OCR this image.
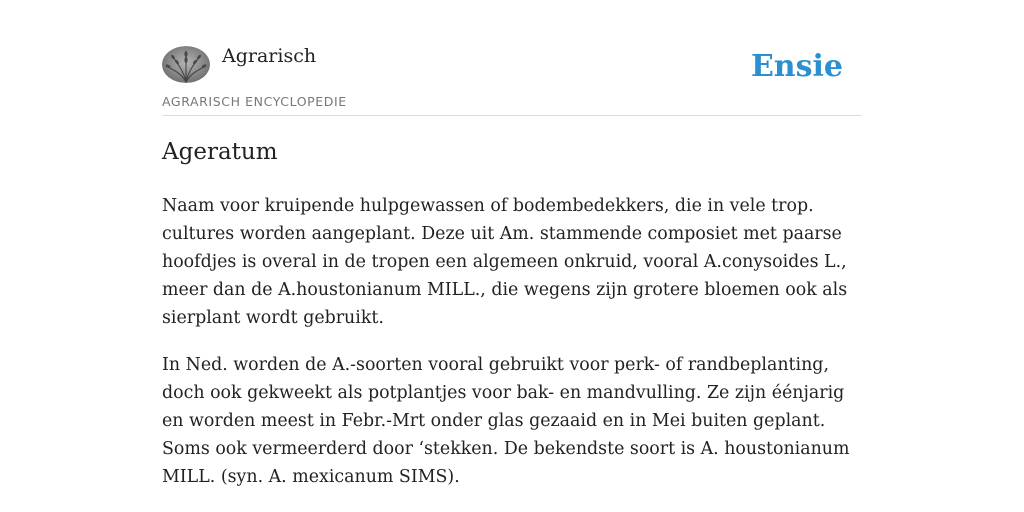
Agrarisch
AGRARISCH ENCYCLOPEDIE
Ensie
Ageratum

Naam voor kruipende hulpgewassen of bodembedekkers, die in vele trop. cultures worden aangeplant. Deze uit Am. stammende composiet met paarse hoofdjes is overal in de tropen een algemeen onkruid, vooral A.conysoides L., meer dan de A.houstonianum MILL., die wegens zijn grotere bloemen ook als sierplant wordt gebruikt.

In Ned. worden de A.-soorten vooral gebruikt voor perk- of randbeplanting, doch ook gekweekt als potplantjes voor bak- en mandvulling. Ze zijn éénjarig en worden meest in Febr.-Mrt onder glas gezaaid en in Mei buiten geplant. Soms ook vermeerderd door ‘stekken. De bekendste soort is A. houstonianum MILL. (syn. A. mexicanum SIMS).
